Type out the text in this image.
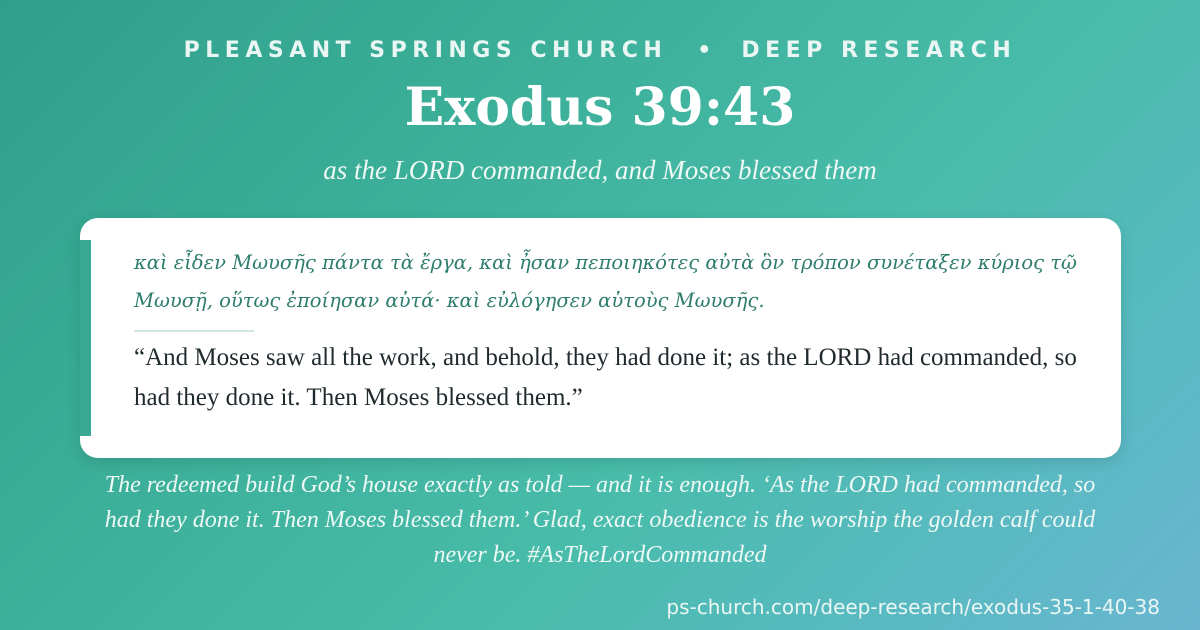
PLEASANT SPRINGS CHURCH • DEEP RESEARCH
Exodus 39:43
as the LORD commanded, and Moses blessed them
καὶ εἶδεν Μωυσῆς πάντα τὰ ἔργα, καὶ ἦσαν πεποιηκότες αὐτὰ ὃν τρόπον συνέταξεν κύριος τῷ Μωυσῇ, οὕτως ἐποίησαν αὐτά· καὶ εὐλόγησεν αὐτοὺς Μωυσῆς.
“And Moses saw all the work, and behold, they had done it; as the LORD had commanded, so had they done it. Then Moses blessed them.”
The redeemed build God’s house exactly as told — and it is enough. ‘As the LORD had commanded, so had they done it. Then Moses blessed them.’ Glad, exact obedience is the worship the golden calf could never be. #AsTheLordCommanded
ps-church.com/deep-research/exodus-35-1-40-38
